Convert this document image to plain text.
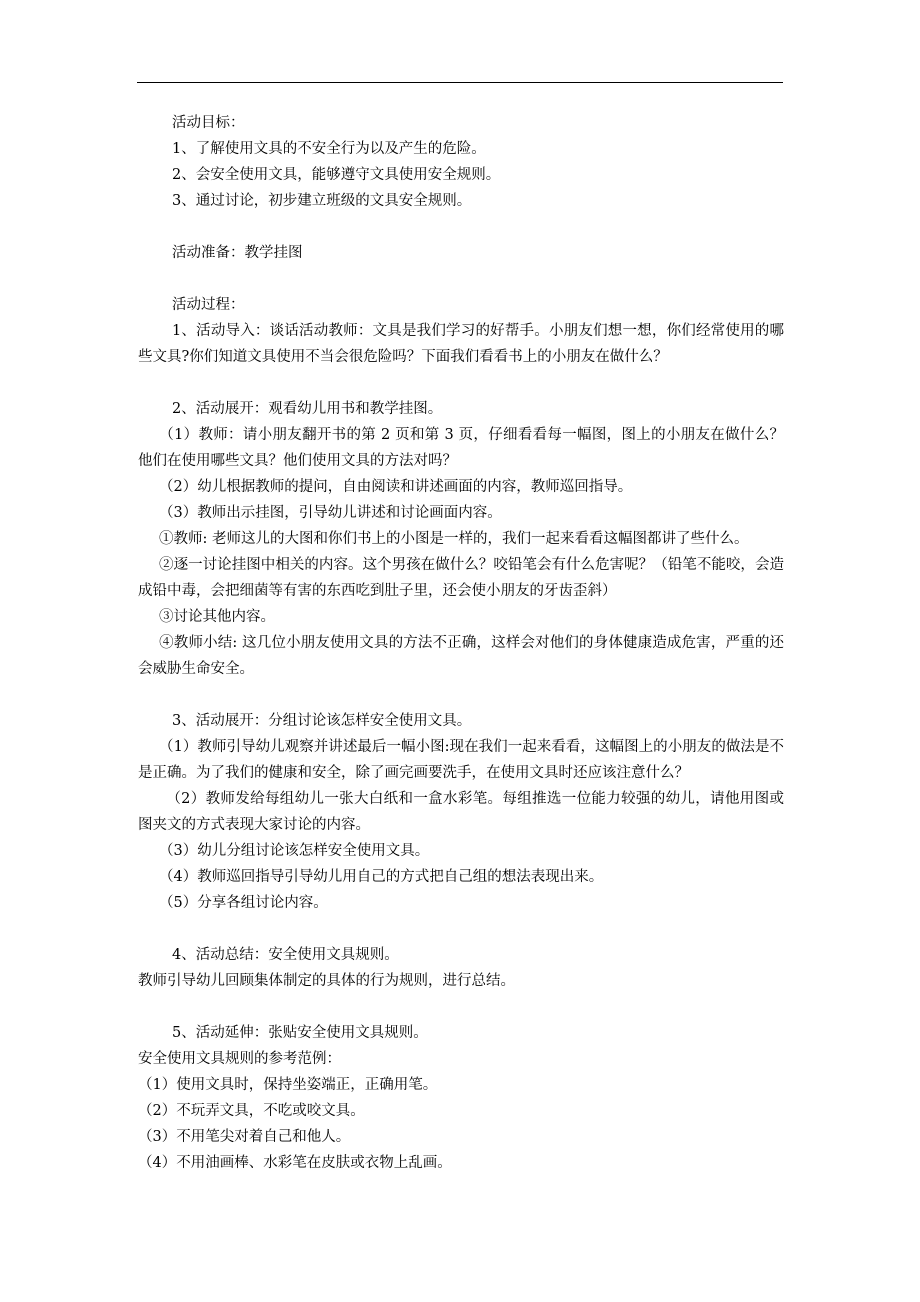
活动目标：

1、了解使用文具的不安全行为以及产生的危险。

2、会安全使用文具，能够遵守文具使用安全规则。

3、通过讨论，初步建立班级的文具安全规则。

活动准备：教学挂图

活动过程：

1、活动导入：谈话活动教师：文具是我们学习的好帮手。小朋友们想一想，你们经常使用的哪些文具?你们知道文具使用不当会很危险吗？下面我们看看书上的小朋友在做什么？

2、活动展开：观看幼儿用书和教学挂图。

（1）教师：请小朋友翻开书的第 2 页和第 3 页，仔细看看每一幅图，图上的小朋友在做什么？他们在使用哪些文具？他们使用文具的方法对吗？

（2）幼儿根据教师的提问，自由阅读和讲述画面的内容，教师巡回指导。

（3）教师出示挂图，引导幼儿讲述和讨论画面内容。

①教师: 老师这儿的大图和你们书上的小图是一样的，我们一起来看看这幅图都讲了些什么。

②逐一讨论挂图中相关的内容。这个男孩在做什么？咬铅笔会有什么危害呢？（铅笔不能咬，会造成铅中毒，会把细菌等有害的东西吃到肚子里，还会使小朋友的牙齿歪斜）

③讨论其他内容。

④教师小结: 这几位小朋友使用文具的方法不正确，这样会对他们的身体健康造成危害，严重的还会威胁生命安全。

3、活动展开：分组讨论该怎样安全使用文具。

（1）教师引导幼儿观察并讲述最后一幅小图:现在我们一起来看看，这幅图上的小朋友的做法是不是正确。为了我们的健康和安全，除了画完画要洗手，在使用文具时还应该注意什么？

（2）教师发给每组幼儿一张大白纸和一盒水彩笔。每组推选一位能力较强的幼儿，请他用图或图夹文的方式表现大家讨论的内容。

（3）幼儿分组讨论该怎样安全使用文具。

（4）教师巡回指导引导幼儿用自己的方式把自己组的想法表现出来。

（5）分享各组讨论内容。

4、活动总结：安全使用文具规则。

教师引导幼儿回顾集体制定的具体的行为规则，进行总结。

5、活动延伸：张贴安全使用文具规则。

安全使用文具规则的参考范例：

（1）使用文具时，保持坐姿端正，正确用笔。

（2）不玩弄文具，不吃或咬文具。

（3）不用笔尖对着自己和他人。

（4）不用油画棒、水彩笔在皮肤或衣物上乱画。
